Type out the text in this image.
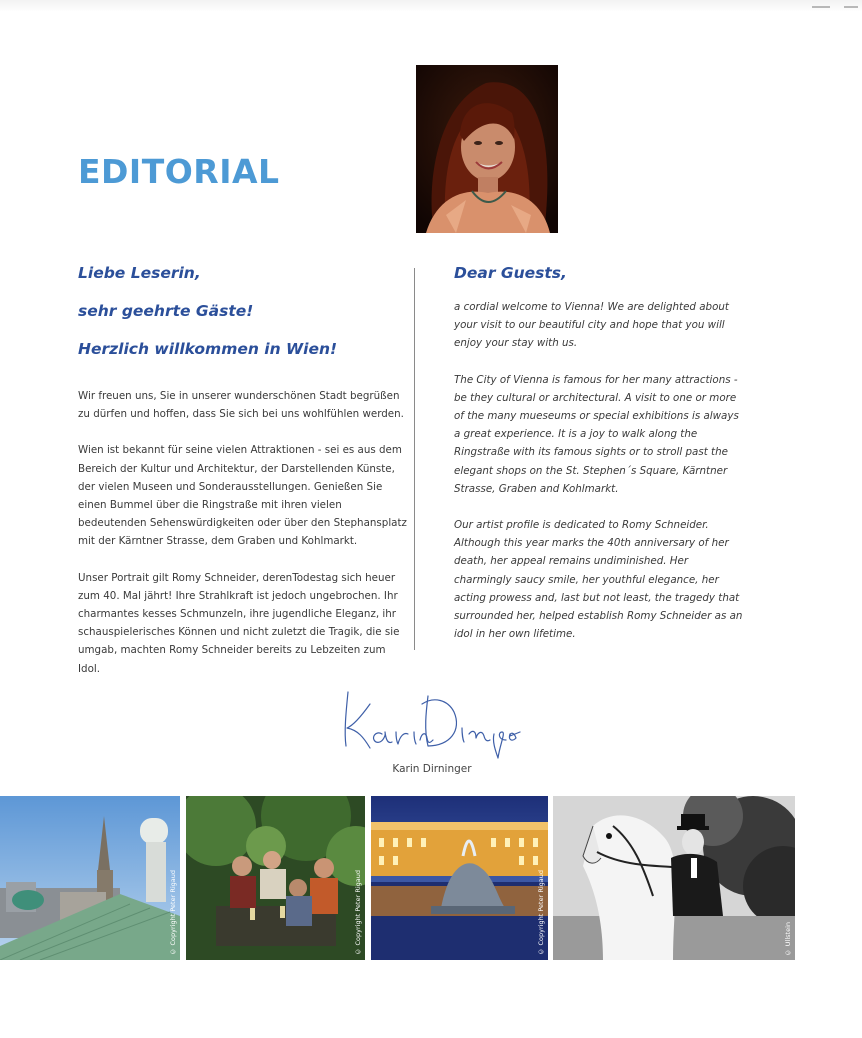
EDITORIAL
Liebe Leserin,
sehr geehrte Gäste!
Herzlich willkommen in Wien!

Wir freuen uns, Sie in unserer wunderschönen Stadt begrüßen zu dürfen und hoffen, dass Sie sich bei uns wohlfühlen werden.

Wien ist bekannt für seine vielen Attraktionen - sei es aus dem Bereich der Kultur und Architektur, der Darstellenden Künste, der vielen Museen und Sonderausstellungen. Genießen Sie einen Bummel über die Ringstraße mit ihren vielen bedeutenden Sehenswürdigkeiten oder über den Stephansplatz mit der Kärntner Strasse, dem Graben und Kohlmarkt.

Unser Portrait gilt Romy Schneider, derenTodestag sich heuer zum 40. Mal jährt! Ihre Strahlkraft ist jedoch ungebrochen. Ihr charmantes kesses Schmunzeln, ihre jugendliche Eleganz, ihr schauspielerisches Können und nicht zuletzt die Tragik, die sie umgab, machten Romy Schneider bereits zu Lebzeiten zum Idol.

Dear Guests,

a cordial welcome to Vienna! We are delighted about your visit to our beautiful city and hope that you will enjoy your stay with us.

The City of Vienna is famous for her many attractions - be they cultural or architectural. A visit to one or more of the many mueseums or special exhibitions is always a great experience. It is a joy to walk along the Ringstraße with its famous sights or to stroll past the elegant shops on the St. Stephen´s Square, Kärntner Strasse, Graben and Kohlmarkt.

Our artist profile is dedicated to Romy Schneider. Although this year marks the 40th anniversary of her death, her appeal remains undiminished. Her charmingly saucy smile, her youthful elegance, her acting prowess and, last but not least, the tragedy that surrounded her, helped establish Romy Schneider as an idol in her own lifetime.

Karin Dirninger
© Copyright Peter Rigaud	© Copyright Peter Rigaud	© Copyright Peter Rigaud	© Ullstein
